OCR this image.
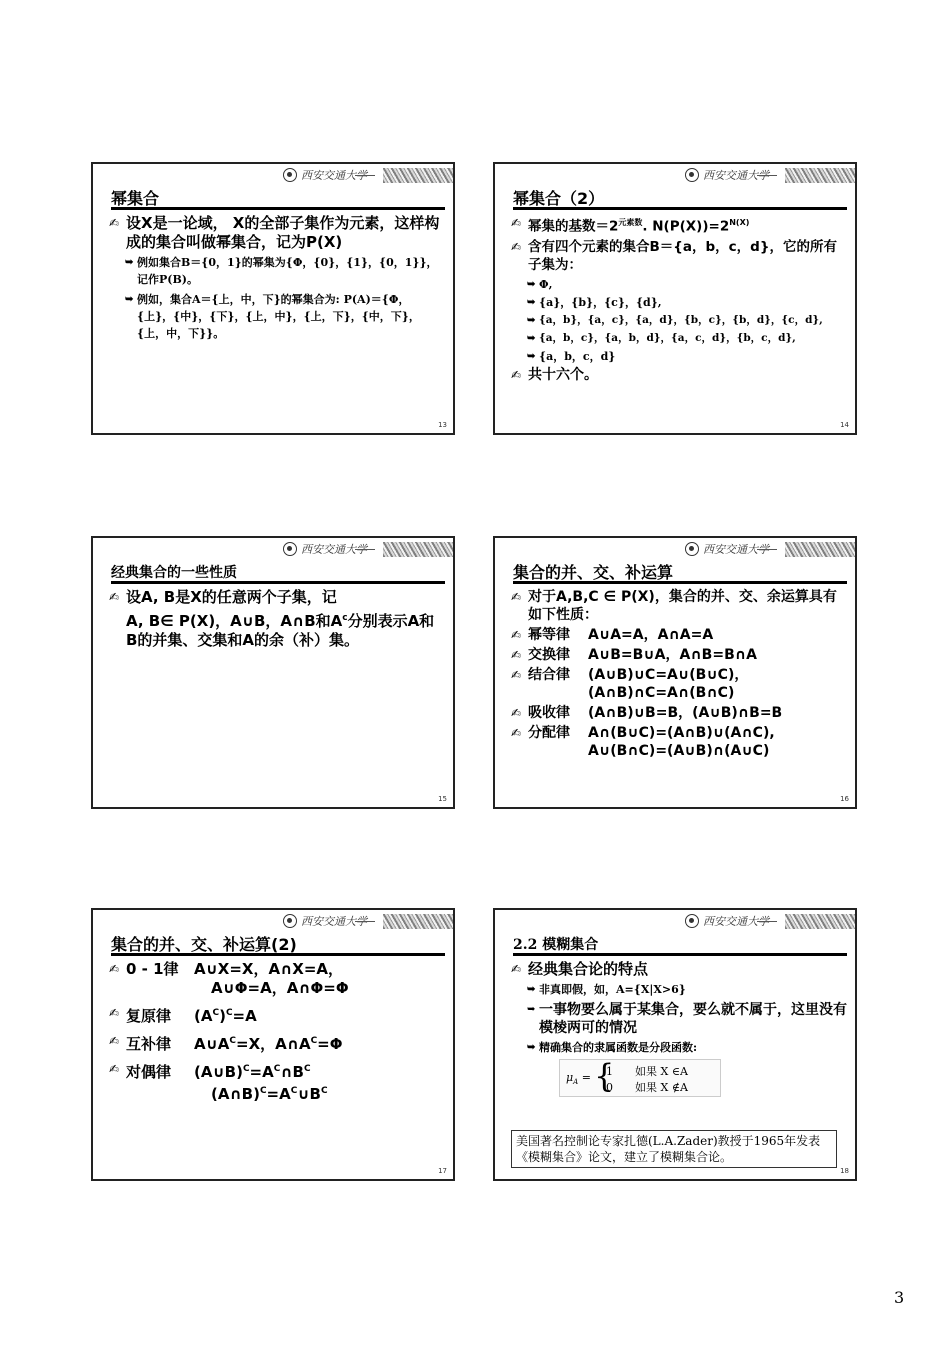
西安交通大学
幂集合
✍ 设X是一论域， X的全部子集作为元素，这样构成的集合叫做幂集合，记为P(X)
➥ 例如集合B＝{0，1}的幂集为{Φ，{0}，{1}，{0，1}}，记作P(B)。
➥ 例如，集合A＝{上，中，下}的幂集合为: P(A)＝{Φ，{上}，{中}，{下}，{上，中}，{上，下}，{中，下}，{上，中，下}}。
13
西安交通大学
幂集合（2）
✍ 幂集的基数$=2^{元素数}$. $N(P(X))=2^{N(X)}$
✍ 含有四个元素的集合B＝{a，b，c，d}，它的所有子集为：
➥ Φ,
➥ {a}，{b}，{c}，{d},
➥ {a，b}，{a，c}，{a，d}，{b，c}，{b，d}，{c，d},
➥ {a，b，c}，{a，b，d}，{a，c，d}，{b，c，d},
➥ {a，b，c，d}
✍ 共十六个。
14
西安交通大学
经典集合的一些性质
✍ 设A, B是X的任意两个子集，记
A, B∈ P(X)，A∪B，A∩B和$A^c$分别表示A和B的并集、交集和A的余（补）集。
15
西安交通大学
集合的并、交、补运算
✍ 对于A,B,C ∈ P(X)，集合的并、交、余运算具有如下性质：
✍ 幂等律 A∪A=A，A∩A=A
✍ 交换律 A∪B=B∪A，A∩B=B∩A
✍ 结合律 (A∪B)∪C=A∪(B∪C)，
(A∩B)∩C=A∩(B∩C)
✍ 吸收律 (A∩B)∪B=B，(A∪B)∩B=B
✍ 分配律 A∩(B∪C)=(A∩B)∪(A∩C),
A∪(B∩C)=(A∪B)∩(A∪C)
16
西安交通大学
集合的并、交、补运算(2)
✍ 0 - 1律 A∪X=X，A∩X=A，
A∪Φ=A，A∩Φ=Φ
✍ 复原律 $(A^C)^C=A$
✍ 互补律 $A\cup A^C=X$，$A\cap A^C=\Phi$
✍ 对偶律 $(A\cup B)^C=A^C\cap B^C$
$(A\cap B)^C=A^C\cup B^C$
17
西安交通大学
2.2 模糊集合
✍ 经典集合论的特点
➥ 非真即假，如，A={X|X>6}
➥ 一事物要么属于某集合，要么就不属于，这里没有模棱两可的情况
➥ 精确集合的隶属函数是分段函数:
$\mu_A$ = {
1　　如果 X ∈A
0　　如果 X ∉A
美国著名控制论专家扎德(L.A.Zader)教授于1965年发表《模糊集合》论文，建立了模糊集合论。
18
3
